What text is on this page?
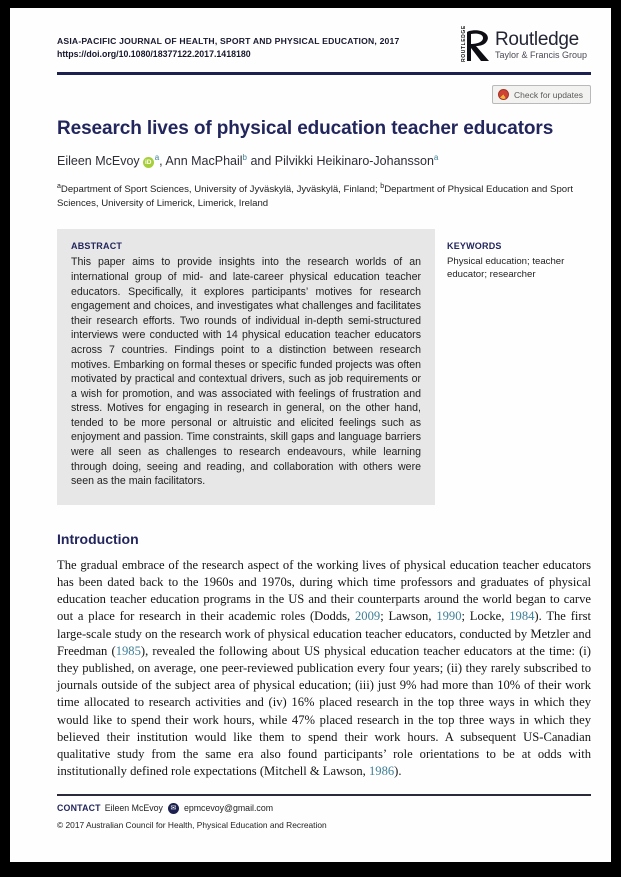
ASIA-PACIFIC JOURNAL OF HEALTH, SPORT AND PHYSICAL EDUCATION, 2017
https://doi.org/10.1080/18377122.2017.1418180	ROUTLEDGE Routledge
Taylor & Francis Group
Check for updates
Research lives of physical education teacher educators
Eileen McEvoy $iD^a$, Ann MacPhail$^b$ and Pilvikki Heikinaro-Johansson$^a$
$^a$Department of Sport Sciences, University of Jyväskylä, Jyväskylä, Finland; $^b$Department of Physical Education and Sport Sciences, University of Limerick, Limerick, Ireland
ABSTRACT
This paper aims to provide insights into the research worlds of an international group of mid- and late-career physical education teacher educators. Specifically, it explores participants’ motives for research engagement and choices, and investigates what challenges and facilitates their research efforts. Two rounds of individual in-depth semi-structured interviews were conducted with 14 physical education teacher educators across 7 countries. Findings point to a distinction between research motives. Embarking on formal theses or specific funded projects was often motivated by practical and contextual drivers, such as job requirements or a wish for promotion, and was associated with feelings of frustration and stress. Motives for engaging in research in general, on the other hand, tended to be more personal or altruistic and elicited feelings such as enjoyment and passion. Time constraints, skill gaps and language barriers were all seen as challenges to research endeavours, while learning through doing, seeing and reading, and collaboration with others were seen as the main facilitators.
KEYWORDS
Physical education; teacher educator; researcher
Introduction

The gradual embrace of the research aspect of the working lives of physical education teacher educators has been dated back to the 1960s and 1970s, during which time professors and graduates of physical education teacher education programs in the US and their counterparts around the world began to carve out a place for research in their academic roles (Dodds, 2009; Lawson, 1990; Locke, 1984). The first large-scale study on the research work of physical education teacher educators, conducted by Metzler and Freedman (1985), revealed the following about US physical education teacher educators at the time: (i) they published, on average, one peer-reviewed publication every four years; (ii) they rarely subscribed to journals outside of the subject area of physical education; (iii) just 9% had more than 10% of their work time allocated to research activities and (iv) 16% placed research in the top three ways in which they would like to spend their work hours, while 47% placed research in the top three ways in which they believed their institution would like them to spend their work hours. A subsequent US-Canadian qualitative study from the same era also found participants’ role orientations to be at odds with institutionally defined role expectations (Mitchell & Lawson, 1986).

CONTACT Eileen McEvoy	✉ epmcevoy@gmail.com
© 2017 Australian Council for Health, Physical Education and Recreation
